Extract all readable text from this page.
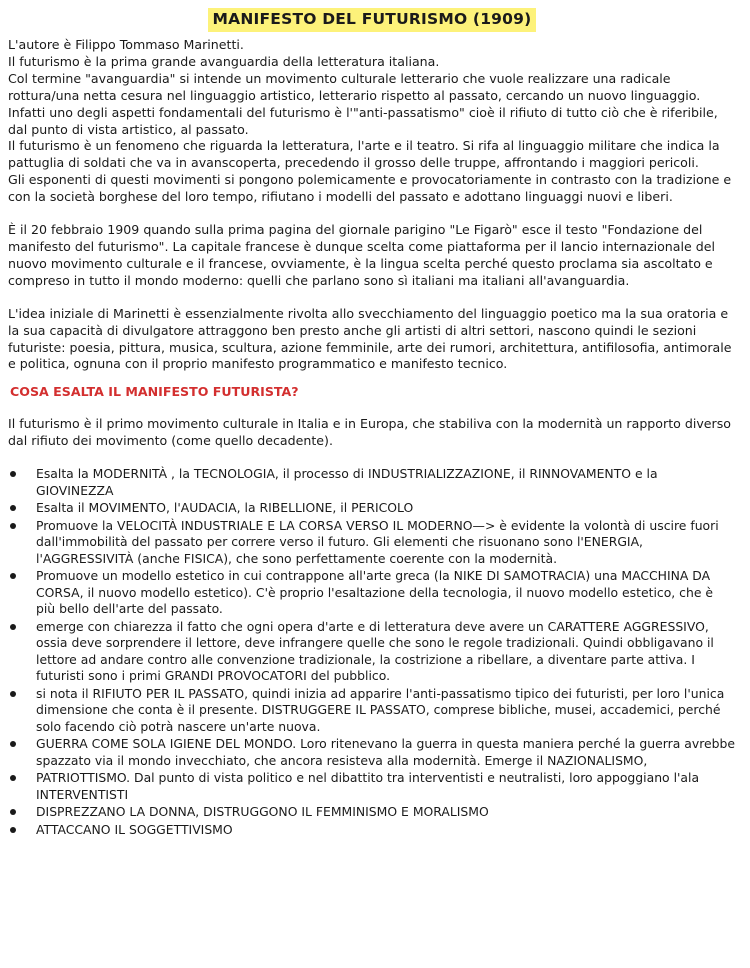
MANIFESTO DEL FUTURISMO (1909)

L'autore è Filippo Tommaso Marinetti.

Il futurismo è la prima grande avanguardia della letteratura italiana.

Col termine "avanguardia" si intende un movimento culturale letterario che vuole realizzare una radicale rottura/una netta cesura nel linguaggio artistico, letterario rispetto al passato, cercando un nuovo linguaggio. Infatti uno degli aspetti fondamentali del futurismo è l'"anti-passatismo" cioè il rifiuto di tutto ciò che è riferibile, dal punto di vista artistico, al passato.

Il futurismo è un fenomeno che riguarda la letteratura, l'arte e il teatro. Si rifa al linguaggio militare che indica la pattuglia di soldati che va in avanscoperta, precedendo il grosso delle truppe, affrontando i maggiori pericoli.

Gli esponenti di questi movimenti si pongono polemicamente e provocatoriamente in contrasto con la tradizione e con la società borghese del loro tempo, rifiutano i modelli del passato e adottano linguaggi nuovi e liberi.

È il 20 febbraio 1909 quando sulla prima pagina del giornale parigino "Le Figarò" esce il testo "Fondazione del manifesto del futurismo". La capitale francese è dunque scelta come piattaforma per il lancio internazionale del nuovo movimento culturale e il francese, ovviamente, è la lingua scelta perché questo proclama sia ascoltato e compreso in tutto il mondo moderno: quelli che parlano sono sì italiani ma italiani all'avanguardia.

L'idea iniziale di Marinetti è essenzialmente rivolta allo svecchiamento del linguaggio poetico ma la sua oratoria e la sua capacità di divulgatore attraggono ben presto anche gli artisti di altri settori, nascono quindi le sezioni futuriste: poesia, pittura, musica, scultura, azione femminile, arte dei rumori, architettura, antifilosofia, antimorale e politica, ognuna con il proprio manifesto programmatico e manifesto tecnico.

COSA ESALTA IL MANIFESTO FUTURISTA?

Il futurismo è il primo movimento culturale in Italia e in Europa, che stabiliva con la modernità un rapporto diverso dal rifiuto dei movimento (come quello decadente).

Esalta la MODERNITÀ , la TECNOLOGIA, il processo di INDUSTRIALIZZAZIONE, il RINNOVAMENTO e la GIOVINEZZA
Esalta il MOVIMENTO, l'AUDACIA, la RIBELLIONE, il PERICOLO
Promuove la VELOCITÀ INDUSTRIALE E LA CORSA VERSO IL MODERNO—> è evidente la volontà di uscire fuori dall'immobilità del passato per correre verso il futuro. Gli elementi che risuonano sono l'ENERGIA, l'AGGRESSIVITÀ (anche FISICA), che sono perfettamente coerente con la modernità.
Promuove un modello estetico in cui contrappone all'arte greca (la NIKE DI SAMOTRACIA) una MACCHINA DA CORSA, il nuovo modello estetico). C'è proprio l'esaltazione della tecnologia, il nuovo modello estetico, che è più bello dell'arte del passato.
emerge con chiarezza il fatto che ogni opera d'arte e di letteratura deve avere un CARATTERE AGGRESSIVO, ossia deve sorprendere il lettore, deve infrangere quelle che sono le regole tradizionali. Quindi obbligavano il lettore ad andare contro alle convenzione tradizionale, la costrizione a ribellare, a diventare parte attiva. I futuristi sono i primi GRANDI PROVOCATORI del pubblico.
si nota il RIFIUTO PER IL PASSATO, quindi inizia ad apparire l'anti-passatismo tipico dei futuristi, per loro l'unica dimensione che conta è il presente. DISTRUGGERE IL PASSATO, comprese bibliche, musei, accademici, perché solo facendo ciò potrà nascere un'arte nuova.
GUERRA COME SOLA IGIENE DEL MONDO. Loro ritenevano la guerra in questa maniera perché la guerra avrebbe spazzato via il mondo invecchiato, che ancora resisteva alla modernità. Emerge il NAZIONALISMO,
PATRIOTTISMO. Dal punto di vista politico e nel dibattito tra interventisti e neutralisti, loro appoggiano l'ala INTERVENTISTI
DISPREZZANO LA DONNA, DISTRUGGONO IL FEMMINISMO E MORALISMO
ATTACCANO IL SOGGETTIVISMO
